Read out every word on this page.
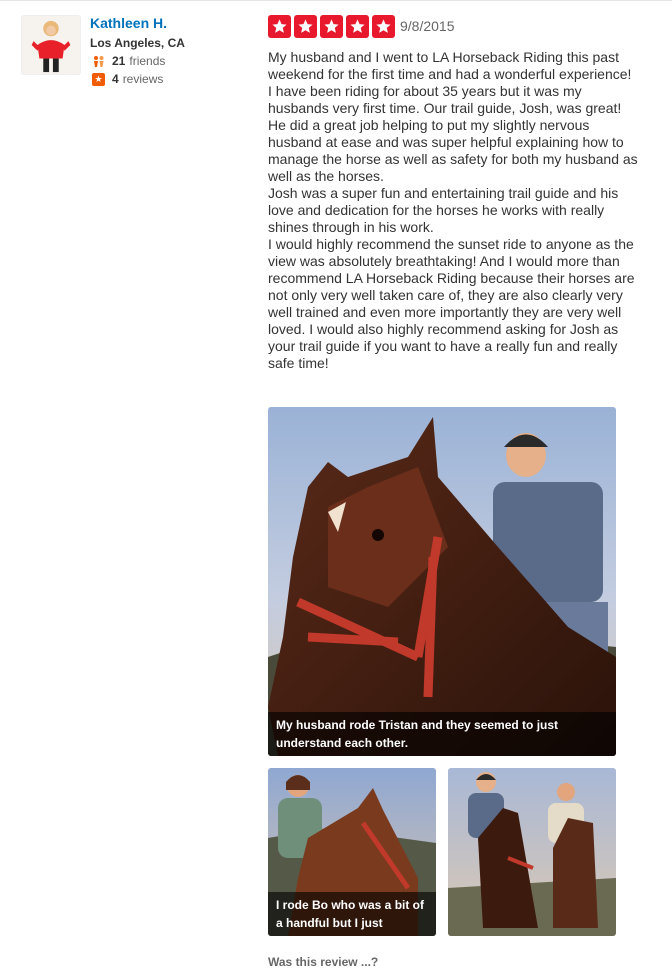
Kathleen H.
Los Angeles, CA
21 friends
★ 4 reviews
9/8/2015

My husband and I went to LA Horseback Riding this past weekend for the first time and had a wonderful experience!

I have been riding for about 35 years but it was my husbands very first time. Our trail guide, Josh, was great! He did a great job helping to put my slightly nervous husband at ease and was super helpful explaining how to manage the horse as well as safety for both my husband as well as the horses.

Josh was a super fun and entertaining trail guide and his love and dedication for the horses he works with really shines through in his work.

I would highly recommend the sunset ride to anyone as the view was absolutely breathtaking! And I would more than recommend LA Horseback Riding because their horses are not only very well taken care of, they are also clearly very well trained and even more importantly they are very well loved. I would also highly recommend asking for Josh as your trail guide if you want to have a really fun and really safe time!

My husband rode Tristan and they seemed to just understand each other.
I rode Bo who was a bit of a handful but I just
Was this review ...?
